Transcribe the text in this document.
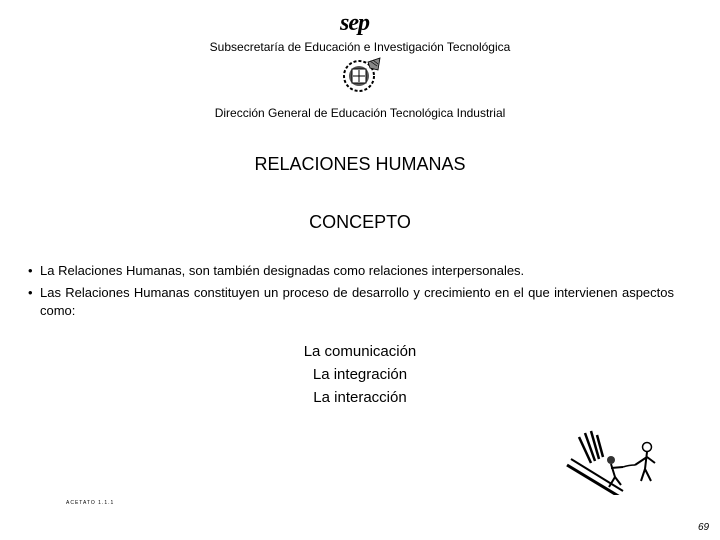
sep
Subsecretaría de Educación e Investigación Tecnológica
Dirección General de Educación Tecnológica Industrial
RELACIONES HUMANAS
CONCEPTO
• La Relaciones Humanas, son también designadas como relaciones interpersonales.
• Las Relaciones Humanas constituyen un proceso de desarrollo y crecimiento en el que intervienen aspectos como:
La comunicación
La integración
La interacción
ACETATO 1.1.1
69
